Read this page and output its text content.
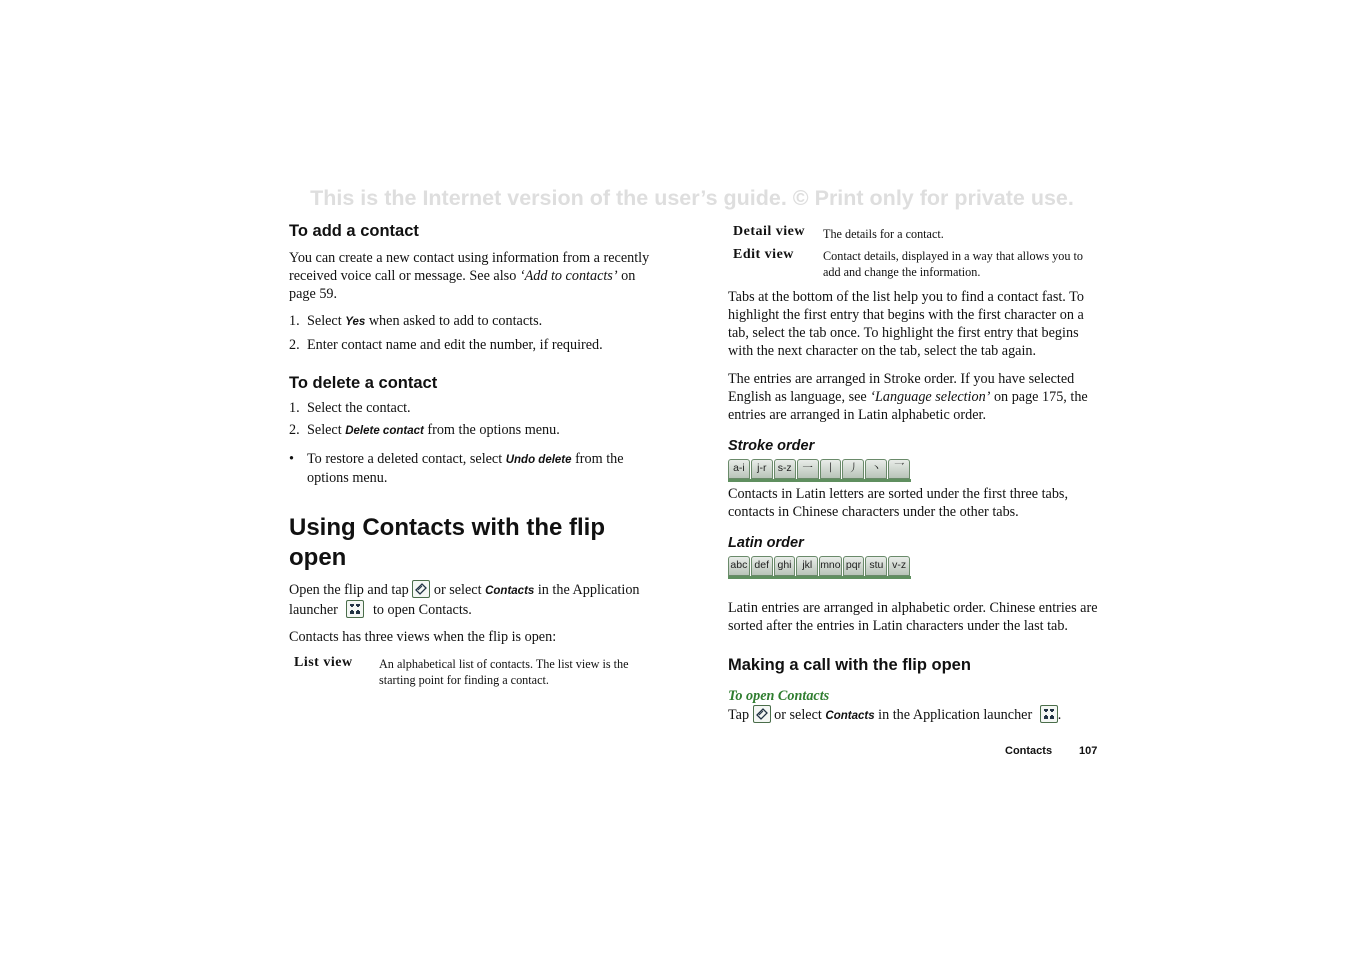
This is the Internet version of the user’s guide. © Print only for private use.
To add a contact

You can create a new contact using information from a recently received voice call or message. See also ‘Add to contacts’ on page 59.

1. Select Yes when asked to add to contacts.
2. Enter contact name and edit the number, if required.
To delete a contact
1. Select the contact.
2. Select Delete contact from the options menu.
• To restore a deleted contact, select Undo delete from the options menu.
Using Contacts with the flip open

Open the flip and tap
or select Contacts in the Application launcher
to open Contacts.

Contacts has three views when the flip is open:

List view	An alphabetical list of contacts. The list view is the starting point for finding a contact.
Detail view	The details for a contact.
Edit view	Contact details, displayed in a way that allows you to add and change the information.

Tabs at the bottom of the list help you to find a contact fast. To highlight the first entry that begins with the first character on a tab, select the tab once. To highlight the first entry that begins with the next character on the tab, select the tab again.

The entries are arranged in Stroke order. If you have selected English as language, see ‘Language selection’ on page 175, the entries are arranged in Latin alphabetic order.

Stroke order
a-i	j-r	s-z	一	丨	丿	丶	乛

Contacts in Latin letters are sorted under the first three tabs, contacts in Chinese characters under the other tabs.

Latin order
abc def ghi	jkl mno pqr stu v-z

Latin entries are arranged in alphabetic order. Chinese entries are sorted after the entries in Latin characters under the last tab.

Making a call with the flip open

To open Contacts

Tap
or select Contacts in the Application launcher
.

Contacts 107
